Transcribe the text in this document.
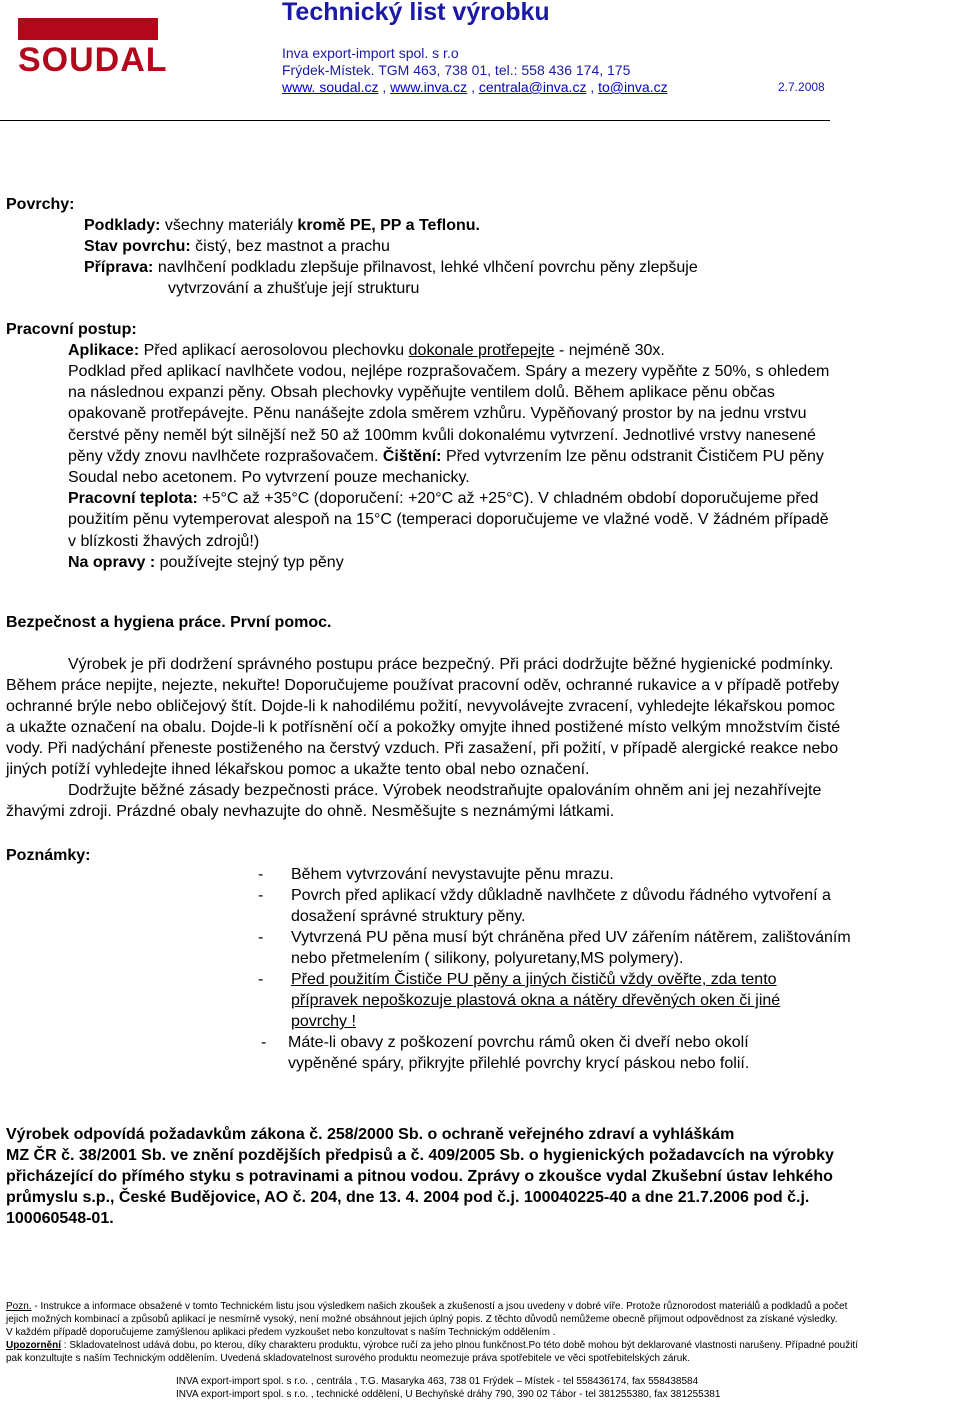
SOUDAL
Technický list výrobku
Inva export-import spol. s r.o
Frýdek-Místek. TGM 463, 738 01, tel.: 558 436 174, 175
www. soudal.cz , www.inva.cz , centrala@inva.cz , to@inva.cz	2.7.2008
Povrchy:
Podklady: všechny materiály kromě PE, PP a Teflonu.
Stav povrchu: čistý, bez mastnot a prachu
Příprava: navlhčení podkladu zlepšuje přilnavost, lehké vlhčení povrchu pěny zlepšuje
vytvrzování a zhušťuje její strukturu
Pracovní postup:
Aplikace: Před aplikací aerosolovou plechovku dokonale protřepejte - nejméně 30x.
Podklad před aplikací navlhčete vodou, nejlépe rozprašovačem. Spáry a mezery vypěňte z 50%, s ohledem
na následnou expanzi pěny. Obsah plechovky vypěňujte ventilem dolů. Během aplikace pěnu občas
opakovaně protřepávejte. Pěnu nanášejte zdola směrem vzhůru. Vypěňovaný prostor by na jednu vrstvu
čerstvé pěny neměl být silnější než 50 až 100mm kvůli dokonalému vytvrzení. Jednotlivé vrstvy nanesené
pěny vždy znovu navlhčete rozprašovačem. Čištění: Před vytvrzením lze pěnu odstranit Čističem PU pěny
Soudal nebo acetonem. Po vytvrzení pouze mechanicky.
Pracovní teplota: +5°C až +35°C (doporučení: +20°C až +25°C). V chladném období doporučujeme před
použitím pěnu vytemperovat alespoň na 15°C (temperaci doporučujeme ve vlažné vodě. V žádném případě
v blízkosti žhavých zdrojů!)
Na opravy : používejte stejný typ pěny
Bezpečnost a hygiena práce. První pomoc.
Výrobek je při dodržení správného postupu práce bezpečný. Při práci dodržujte běžné hygienické podmínky.
Během práce nepijte, nejezte, nekuřte! Doporučujeme používat pracovní oděv, ochranné rukavice a v případě potřeby
ochranné brýle nebo obličejový štít. Dojde-li k nahodilému požití, nevyvolávejte zvracení, vyhledejte lékařskou pomoc
a ukažte označení na obalu. Dojde-li k potřísnění očí a pokožky omyjte ihned postižené místo velkým množstvím čisté
vody. Při nadýchání přeneste postiženého na čerstvý vzduch. Při zasažení, při požití, v případě alergické reakce nebo
jiných potíží vyhledejte ihned lékařskou pomoc a ukažte tento obal nebo označení.
Dodržujte běžné zásady bezpečnosti práce. Výrobek neodstraňujte opalováním ohněm ani jej nezahřívejte
žhavými zdroji. Prázdné obaly nevhazujte do ohně. Nesměšujte s neznámými látkami.
Poznámky:
- Během vytvrzování nevystavujte pěnu mrazu.
- Povrch před aplikací vždy důkladně navlhčete z důvodu řádného vytvoření a
dosažení správné struktury pěny.
- Vytvrzená PU pěna musí být chráněna před UV zářením nátěrem, zalištováním
nebo přetmelením ( silikony, polyuretany,MS polymery).
- Před použitím Čističe PU pěny a jiných čističů vždy ověřte, zda tento
přípravek nepoškozuje plastová okna a nátěry dřevěných oken či jiné
povrchy !
- Máte-li obavy z poškození povrchu rámů oken či dveří nebo okolí
vypěněné spáry, přikryjte přilehlé povrchy krycí páskou nebo folií.
Výrobek odpovídá požadavkům zákona č. 258/2000 Sb. o ochraně veřejného zdraví a vyhláškám
MZ ČR č. 38/2001 Sb. ve znění pozdějších předpisů a č. 409/2005 Sb. o hygienických požadavcích na výrobky
přicházející do přímého styku s potravinami a pitnou vodou. Zprávy o zkoušce vydal Zkušební ústav lehkého
průmyslu s.p., České Budějovice, AO č. 204, dne 13. 4. 2004 pod č.j. 100040225-40 a dne 21.7.2006 pod č.j.
100060548-01.
Pozn. - Instrukce a informace obsažené v tomto Technickém listu jsou výsledkem našich zkoušek a zkušeností a jsou uvedeny v dobré víře. Protože různorodost materiálů a podkladů a počet
jejich možných kombinací a způsobů aplikací je nesmírně vysoký, není možné obsáhnout jejich úplný popis. Z těchto důvodů nemůžeme obecně přijmout odpovědnost za získané výsledky.
V každém případě doporučujeme zamýšlenou aplikaci předem vyzkoušet nebo konzultovat s naším Technickým oddělením .
Upozornění : Skladovatelnost udává dobu, po kterou, díky charakteru produktu, výrobce ručí za jeho plnou funkčnost.Po této době mohou být deklarované vlastnosti narušeny. Případné použití
pak konzultujte s naším Technickým oddělením. Uvedená skladovatelnost surového produktu neomezuje práva spotřebitele ve věci spotřebitelských záruk.
INVA export-import spol. s r.o. , centrála , T.G. Masaryka 463, 738 01 Frýdek – Místek - tel 558436174, fax 558438584
INVA export-import spol. s r.o. , technické oddělení, U Bechyňské dráhy 790, 390 02 Tábor - tel 381255380, fax 381255381
